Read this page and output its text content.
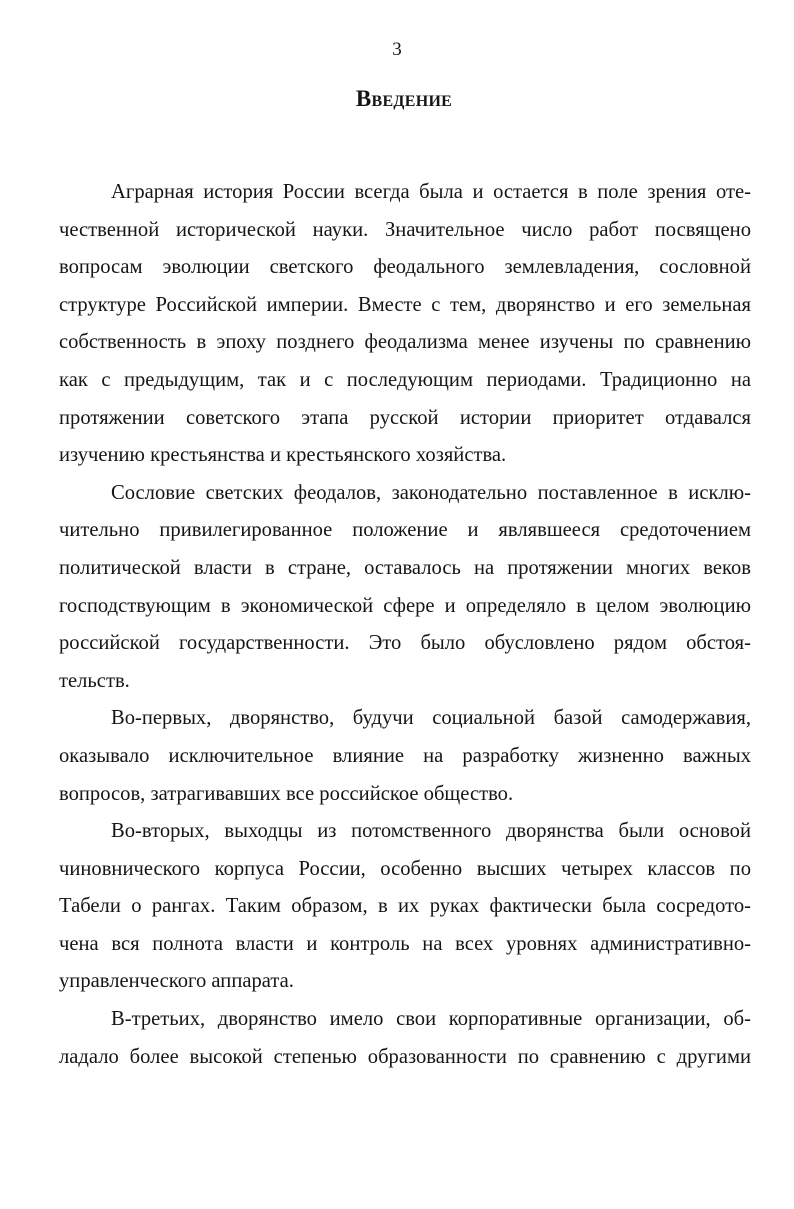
3
Введение
Аграрная история России всегда была и остается в поле зрения оте-
чественной исторической науки. Значительное число работ посвящено
вопросам эволюции светского феодального землевладения, сословной
структуре Российской империи. Вместе с тем, дворянство и его земельная
собственность в эпоху позднего феодализма менее изучены по сравнению
как с предыдущим, так и с последующим периодами. Традиционно на
протяжении советского этапа русской истории приоритет отдавался
изучению крестьянства и крестьянского хозяйства.
Сословие светских феодалов, законодательно поставленное в исклю-
чительно привилегированное положение и являвшееся средоточением
политической власти в стране, оставалось на протяжении многих веков
господствующим в экономической сфере и определяло в целом эволюцию
российской государственности. Это было обусловлено рядом обстоя-
тельств.
Во-первых, дворянство, будучи социальной базой самодержавия,
оказывало исключительное влияние на разработку жизненно важных
вопросов, затрагивавших все российское общество.
Во-вторых, выходцы из потомственного дворянства были основой
чиновнического корпуса России, особенно высших четырех классов по
Табели о рангах. Таким образом, в их руках фактически была сосредото-
чена вся полнота власти и контроль на всех уровнях административно-
управленческого аппарата.
В-третьих, дворянство имело свои корпоративные организации, об-
ладало более высокой степенью образованности по сравнению с другими
